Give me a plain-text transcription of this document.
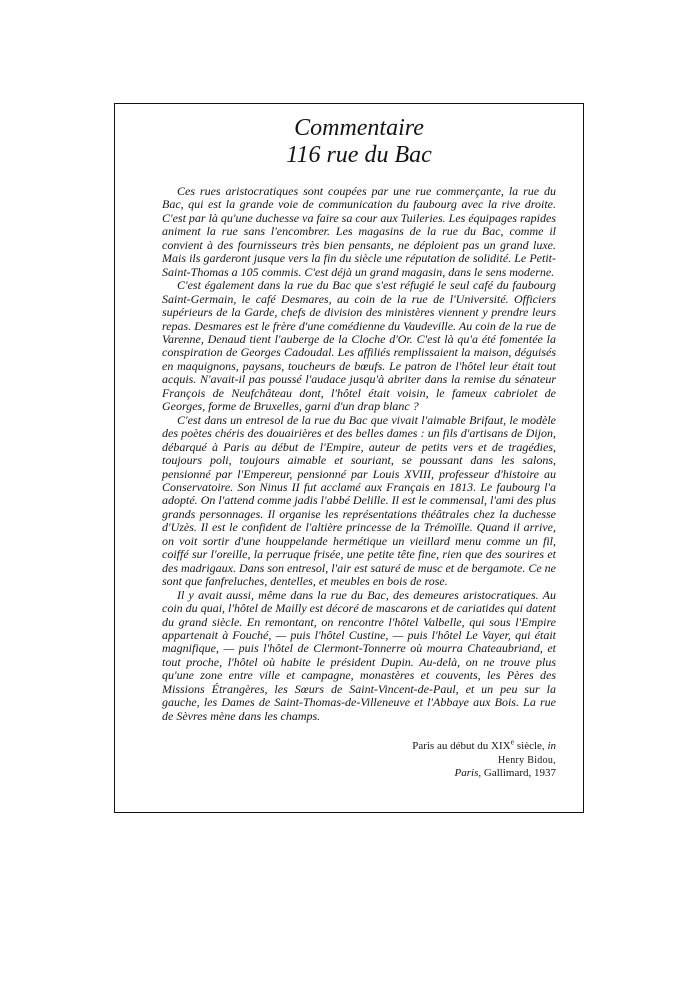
Commentaire
116 rue du Bac

Ces rues aristocratiques sont coupées par une rue commerçante, la rue du Bac, qui est la grande voie de communication du faubourg avec la rive droite. C'est par là qu'une duchesse va faire sa cour aux Tuileries. Les équipages rapides animent la rue sans l'encombrer. Les magasins de la rue du Bac, comme il convient à des fournisseurs très bien pensants, ne déploient pas un grand luxe. Mais ils garderont jusque vers la fin du siècle une réputation de solidité. Le Petit-Saint-Thomas a 105 commis. C'est déjà un grand magasin, dans le sens moderne.

C'est également dans la rue du Bac que s'est réfugié le seul café du faubourg Saint-Germain, le café Desmares, au coin de la rue de l'Université. Officiers supérieurs de la Garde, chefs de division des ministères viennent y prendre leurs repas. Desmares est le frère d'une comédienne du Vaudeville. Au coin de la rue de Varenne, Denaud tient l'auberge de la Cloche d'Or. C'est là qu'a été fomentée la conspiration de Georges Cadoudal. Les affiliés remplissaient la maison, déguisés en maquignons, paysans, toucheurs de bœufs. Le patron de l'hôtel leur était tout acquis. N'avait-il pas poussé l'audace jusqu'à abriter dans la remise du sénateur François de Neufchâteau dont, l'hôtel était voisin, le fameux cabriolet de Georges, forme de Bruxelles, garni d'un drap blanc ?

C'est dans un entresol de la rue du Bac que vivait l'aimable Brifaut, le modèle des poètes chéris des douairières et des belles dames : un fils d'artisans de Dijon, débarqué à Paris au début de l'Empire, auteur de petits vers et de tragédies, toujours poli, toujours aimable et souriant, se poussant dans les salons, pensionné par l'Empereur, pensionné par Louis XVIII, professeur d'histoire au Conservatoire. Son Ninus II fut acclamé aux Français en 1813. Le faubourg l'a adopté. On l'attend comme jadis l'abbé Delille. Il est le commensal, l'ami des plus grands personnages. Il organise les représentations théâtrales chez la duchesse d'Uzès. Il est le confident de l'altière princesse de la Trémoïlle. Quand il arrive, on voit sortir d'une houppelande hermétique un vieillard menu comme un fil, coiffé sur l'oreille, la perruque frisée, une petite tête fine, rien que des sourires et des madrigaux. Dans son entresol, l'air est saturé de musc et de bergamote. Ce ne sont que fanfreluches, dentelles, et meubles en bois de rose.

Il y avait aussi, même dans la rue du Bac, des demeures aristocratiques. Au coin du quai, l'hôtel de Mailly est décoré de mascarons et de cariatides qui datent du grand siècle. En remontant, on rencontre l'hôtel Valbelle, qui sous l'Empire appartenait à Fouché, — puis l'hôtel Custine, — puis l'hôtel Le Vayer, qui était magnifique, — puis l'hôtel de Clermont-Tonnerre où mourra Chateaubriand, et tout proche, l'hôtel où habite le président Dupin. Au-delà, on ne trouve plus qu'une zone entre ville et campagne, monastères et couvents, les Pères des Missions Étrangères, les Sœurs de Saint-Vincent-de-Paul, et un peu sur la gauche, les Dames de Saint-Thomas-de-Villeneuve et l'Abbaye aux Bois. La rue de Sèvres mène dans les champs.

Paris au début du XIXe siècle, in
Henry Bidou,
Paris, Gallimard, 1937
